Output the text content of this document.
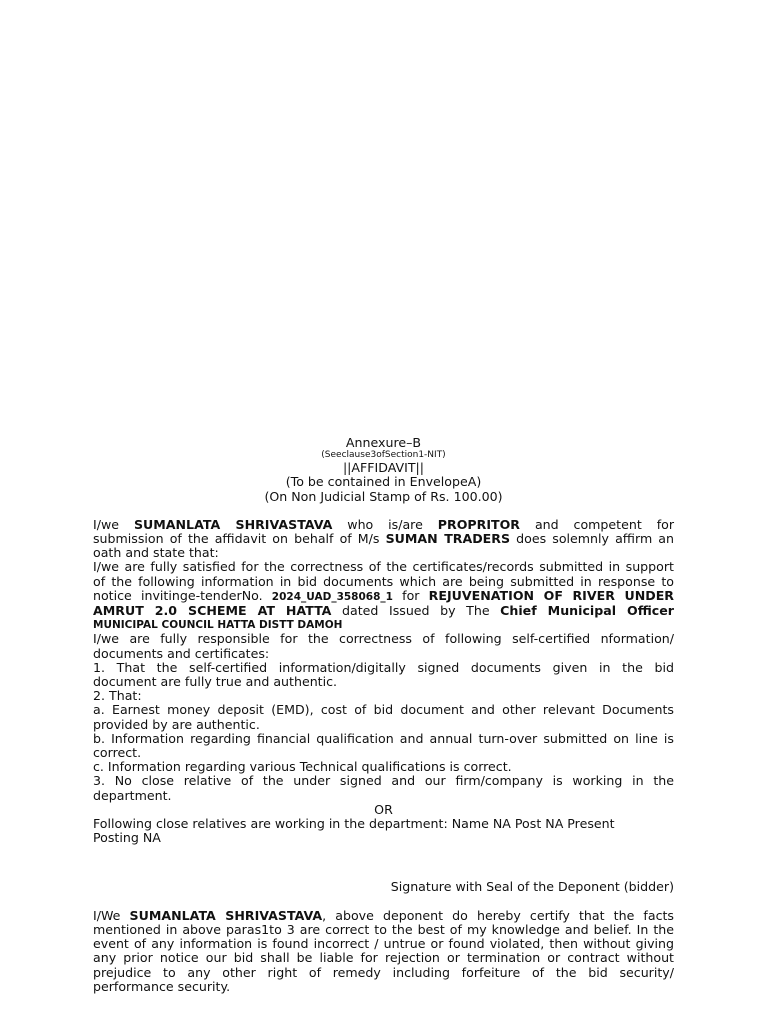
Annexure–B
(Seeclause3ofSection1-NIT)
||AFFIDAVIT||
(To be contained in EnvelopeA)
(On Non Judicial Stamp of Rs. 100.00)
I/we SUMANLATA SHRIVASTAVA who is/are PROPRITOR and competent for
submission of the affidavit on behalf of M/s SUMAN TRADERS does solemnly affirm an
oath and state that:
I/we are fully satisfied for the correctness of the certificates/records submitted in support
of the following information in bid documents which are being submitted in response to
notice invitinge-tenderNo. 2024_UAD_358068_1 for REJUVENATION OF RIVER UNDER
AMRUT 2.0 SCHEME AT HATTA dated Issued by The Chief Municipal Officer
MUNICIPAL COUNCIL HATTA DISTT DAMOH
I/we are fully responsible for the correctness of following self-certified nformation/
documents and certificates:
1. That the self-certified information/digitally signed documents given in the bid
document are fully true and authentic.
2. That:
a. Earnest money deposit (EMD), cost of bid document and other relevant Documents
provided by are authentic.
b. Information regarding financial qualification and annual turn-over submitted on line is
correct.
c. Information regarding various Technical qualifications is correct.
3. No close relative of the under signed and our firm/company is working in the
department.
OR
Following close relatives are working in the department: Name NA Post NA Present
Posting NA
Signature with Seal of the Deponent (bidder)
I/We SUMANLATA SHRIVASTAVA, above deponent do hereby certify that the facts
mentioned in above paras1to 3 are correct to the best of my knowledge and belief. In the
event of any information is found incorrect / untrue or found violated, then without giving
any prior notice our bid shall be liable for rejection or termination or contract without
prejudice to any other right of remedy including forfeiture of the bid security/
performance security.
